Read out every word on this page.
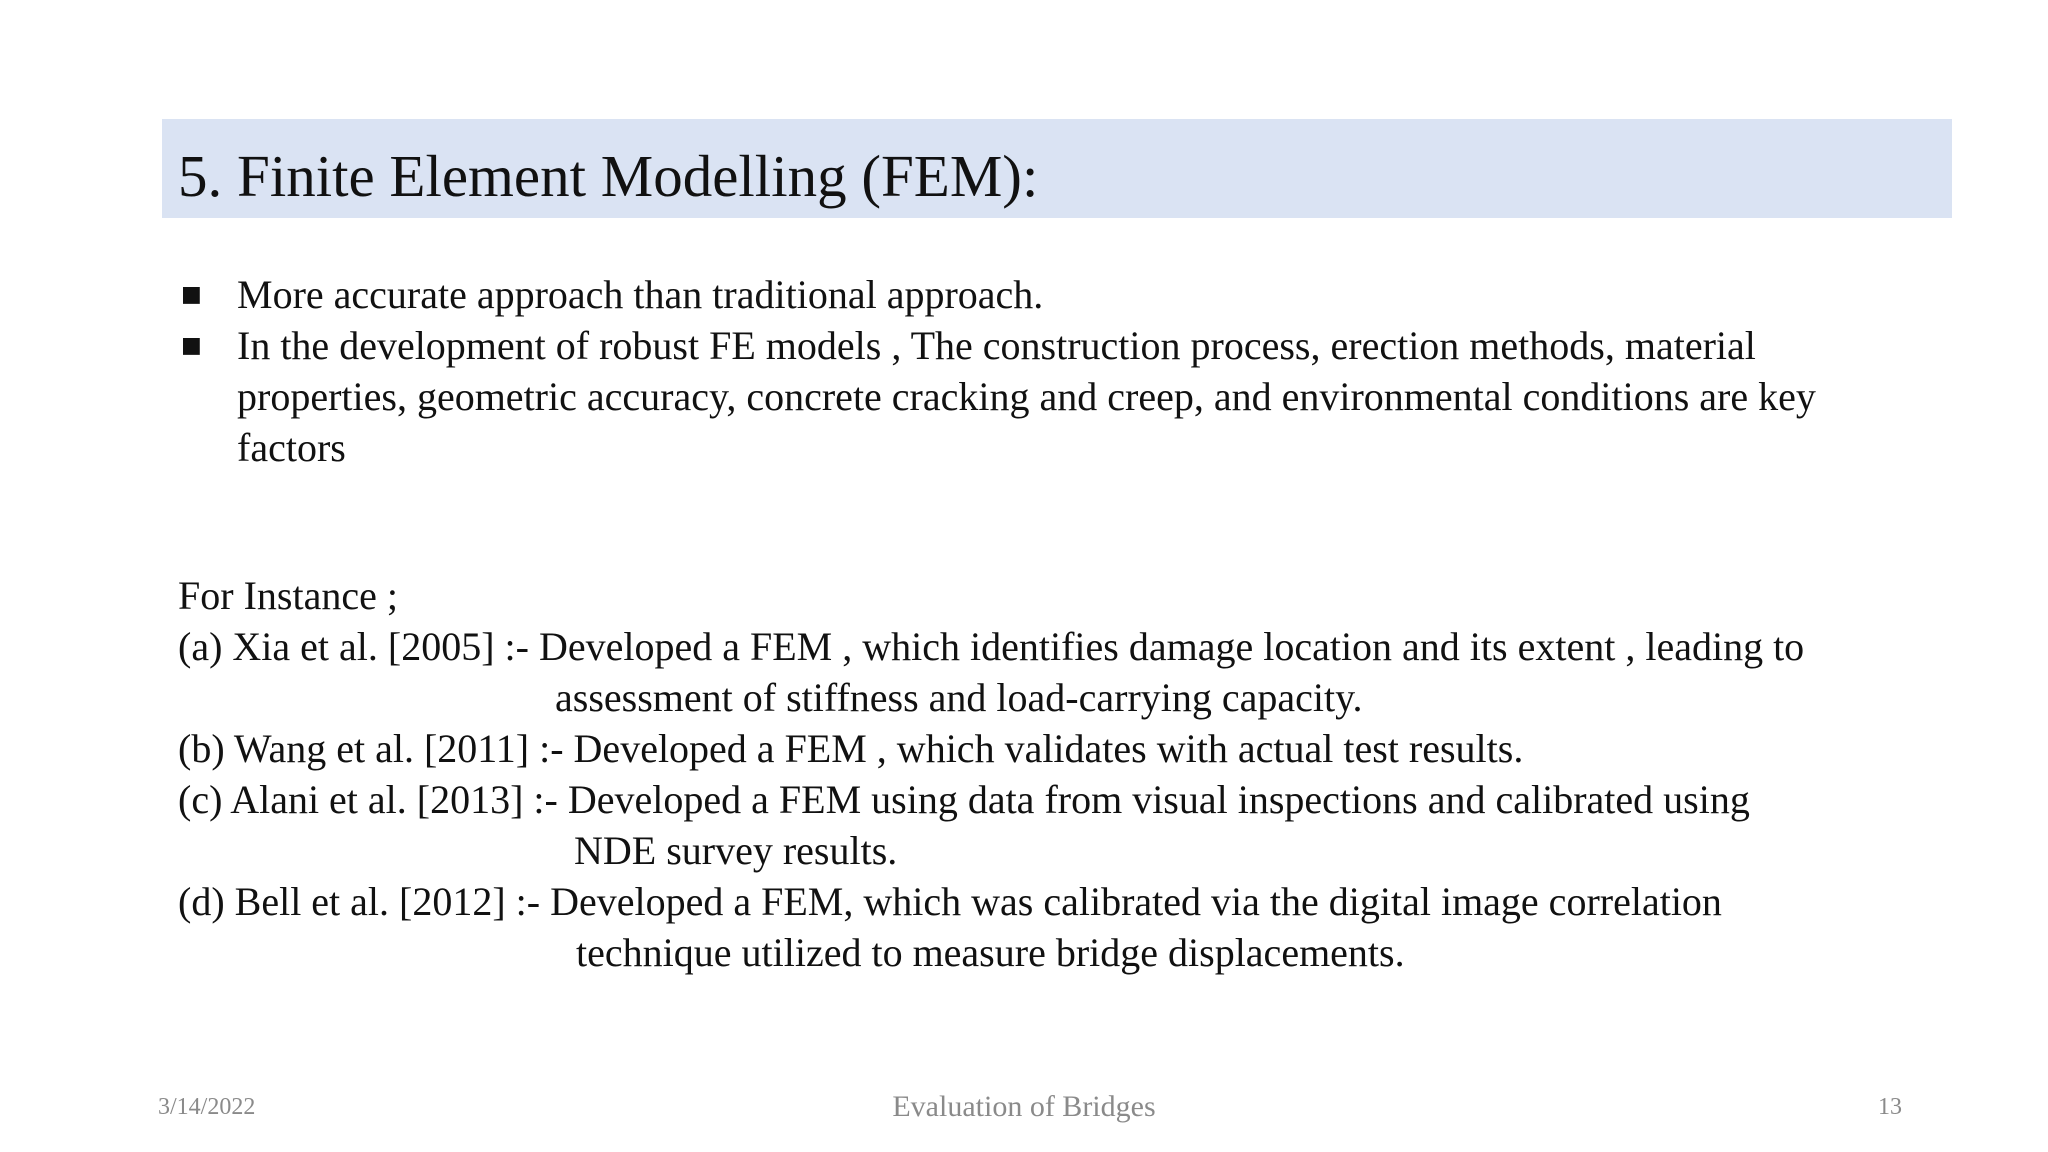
5. Finite Element Modelling (FEM):
■ More accurate approach than traditional approach.
■ In the development of robust FE models , The construction process, erection methods, material properties, geometric accuracy, concrete cracking and creep, and environmental conditions are key factors
For Instance ;
(a) Xia et al. [2005] :- Developed a FEM , which identifies damage location and its extent , leading to
assessment of stiffness and load-carrying capacity.
(b) Wang et al. [2011] :- Developed a FEM , which validates with actual test results.
(c) Alani et al. [2013] :- Developed a FEM using data from visual inspections and calibrated using
NDE survey results.
(d) Bell et al. [2012] :- Developed a FEM, which was calibrated via the digital image correlation
technique utilized to measure bridge displacements.
3/14/2022	Evaluation of Bridges	13
